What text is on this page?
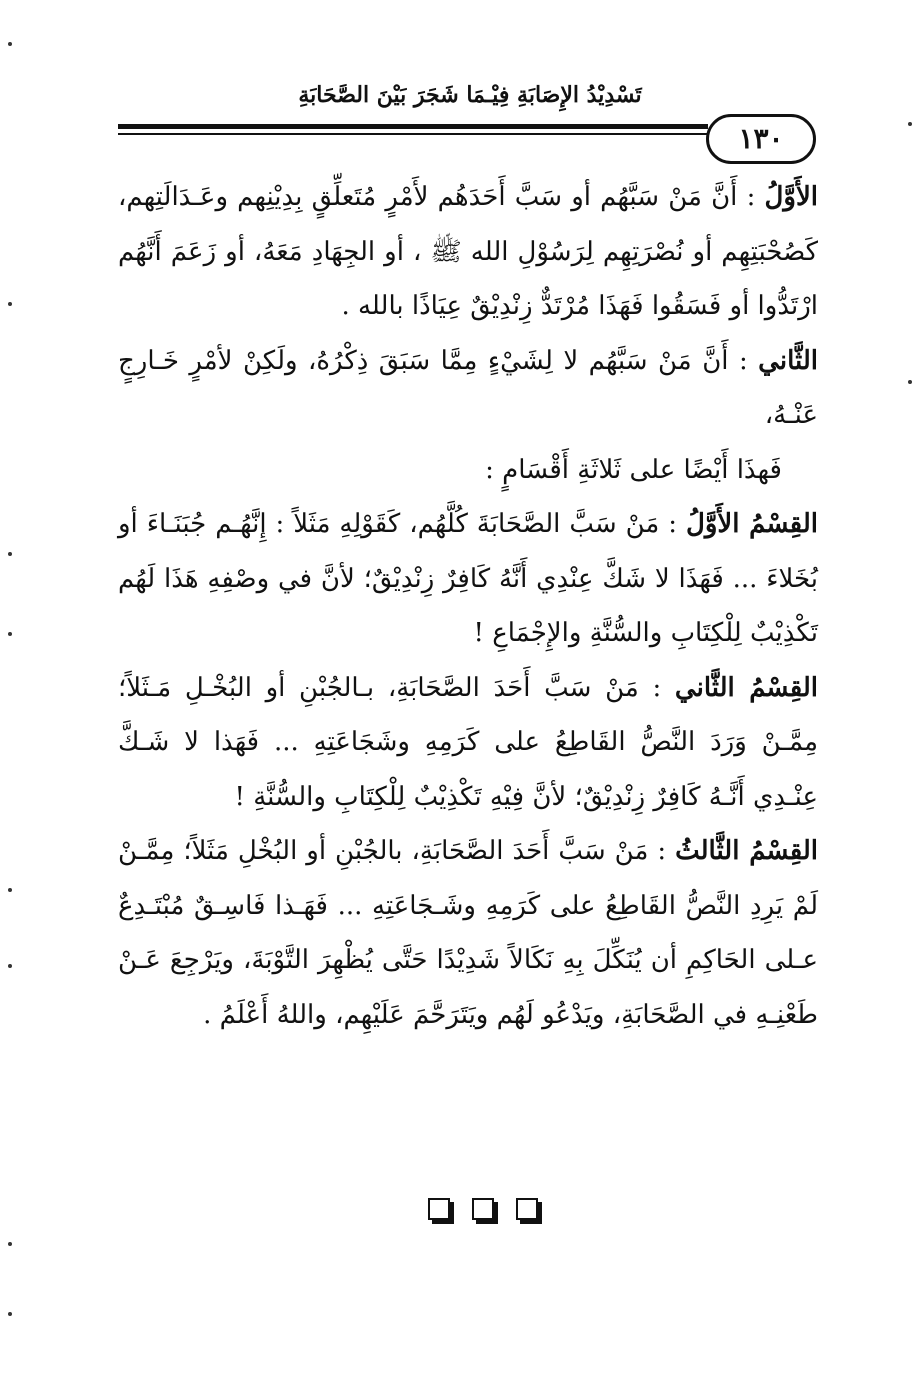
تَسْدِيْدُ الإِصَابَةِ فِيْـمَا شَجَرَ بَيْنَ الصَّحَابَةِ
١٣٠

الأَوَّلُ : أَنَّ مَنْ سَبَّهُم أو سَبَّ أَحَدَهُم لأَمْرٍ مُتَعلِّقٍ بِدِيْنِهم وعَـدَالَتِهم، كَصُحْبَتِهِم أو نُصْرَتِهِم لِرَسُوْلِ الله ﷺ ، أو الجِهَادِ مَعَهُ، أو زَعَمَ أَنَّهُم ارْتَدُّوا أو فَسَقُوا فَهَذَا مُرْتَدٌّ زِنْدِيْقٌ عِيَاذًا بالله .

الثَّاني : أَنَّ مَنْ سَبَّهُم لا لِشَيْءٍ مِمَّا سَبَقَ ذِكْرُهُ، ولَكِنْ لأمْرٍ خَـارِجٍ عَنْـهُ،

فَهذَا أَيْضًا على ثَلاثَةِ أَقْسَامٍ :

القِسْمُ الأَوَّلُ : مَنْ سَبَّ الصَّحَابَةَ كُلَّهُم، كَقَوْلِهِ مَثَلاً : إِنَّهُـم جُبَنَـاءَ أو بُخَلاءَ ... فَهَذَا لا شَكَّ عِنْدِي أَنَّهُ كَافِرٌ زِنْدِيْقٌ؛ لأنَّ في وصْفِهِ هَذَا لَهُم تَكْذِيْبٌ لِلْكِتَابِ والسُّنَّةِ والإِجْمَاعِ !

القِسْمُ الثَّاني : مَنْ سَبَّ أَحَدَ الصَّحَابَةِ، بـالجُبْنِ أو البُخْـلِ مَـثَلاً؛ مِمَّـنْ وَرَدَ النَّصُّ القَاطِعُ على كَرَمِهِ وشَجَاعَتِهِ ... فَهَذا لا شَـكَّ عِنْـدِي أَنَّـهُ كَافِرٌ زِنْدِيْقٌ؛ لأنَّ فِيْهِ تَكْذِيْبٌ لِلْكِتَابِ والسُّنَّةِ !

القِسْمُ الثَّالثُ : مَنْ سَبَّ أَحَدَ الصَّحَابَةِ، بالجُبْنِ أو البُخْلِ مَثَلاً؛ مِمَّـنْ لَمْ يَرِدِ النَّصُّ القَاطِعُ على كَرَمِهِ وشَـجَاعَتِهِ ... فَهَـذا فَاسِـقٌ مُبْتَـدِعٌ عـلى الحَاكِمِ أن يُنَكِّلَ بِهِ نَكَالاً شَدِيْدًا حَتَّى يُظْهِرَ التَّوْبَةَ، ويَرْجِعَ عَـنْ طَعْنِـهِ في الصَّحَابَةِ، ويَدْعُو لَهُم ويَتَرَحَّمَ عَلَيْهِم، واللهُ أَعْلَمُ .
